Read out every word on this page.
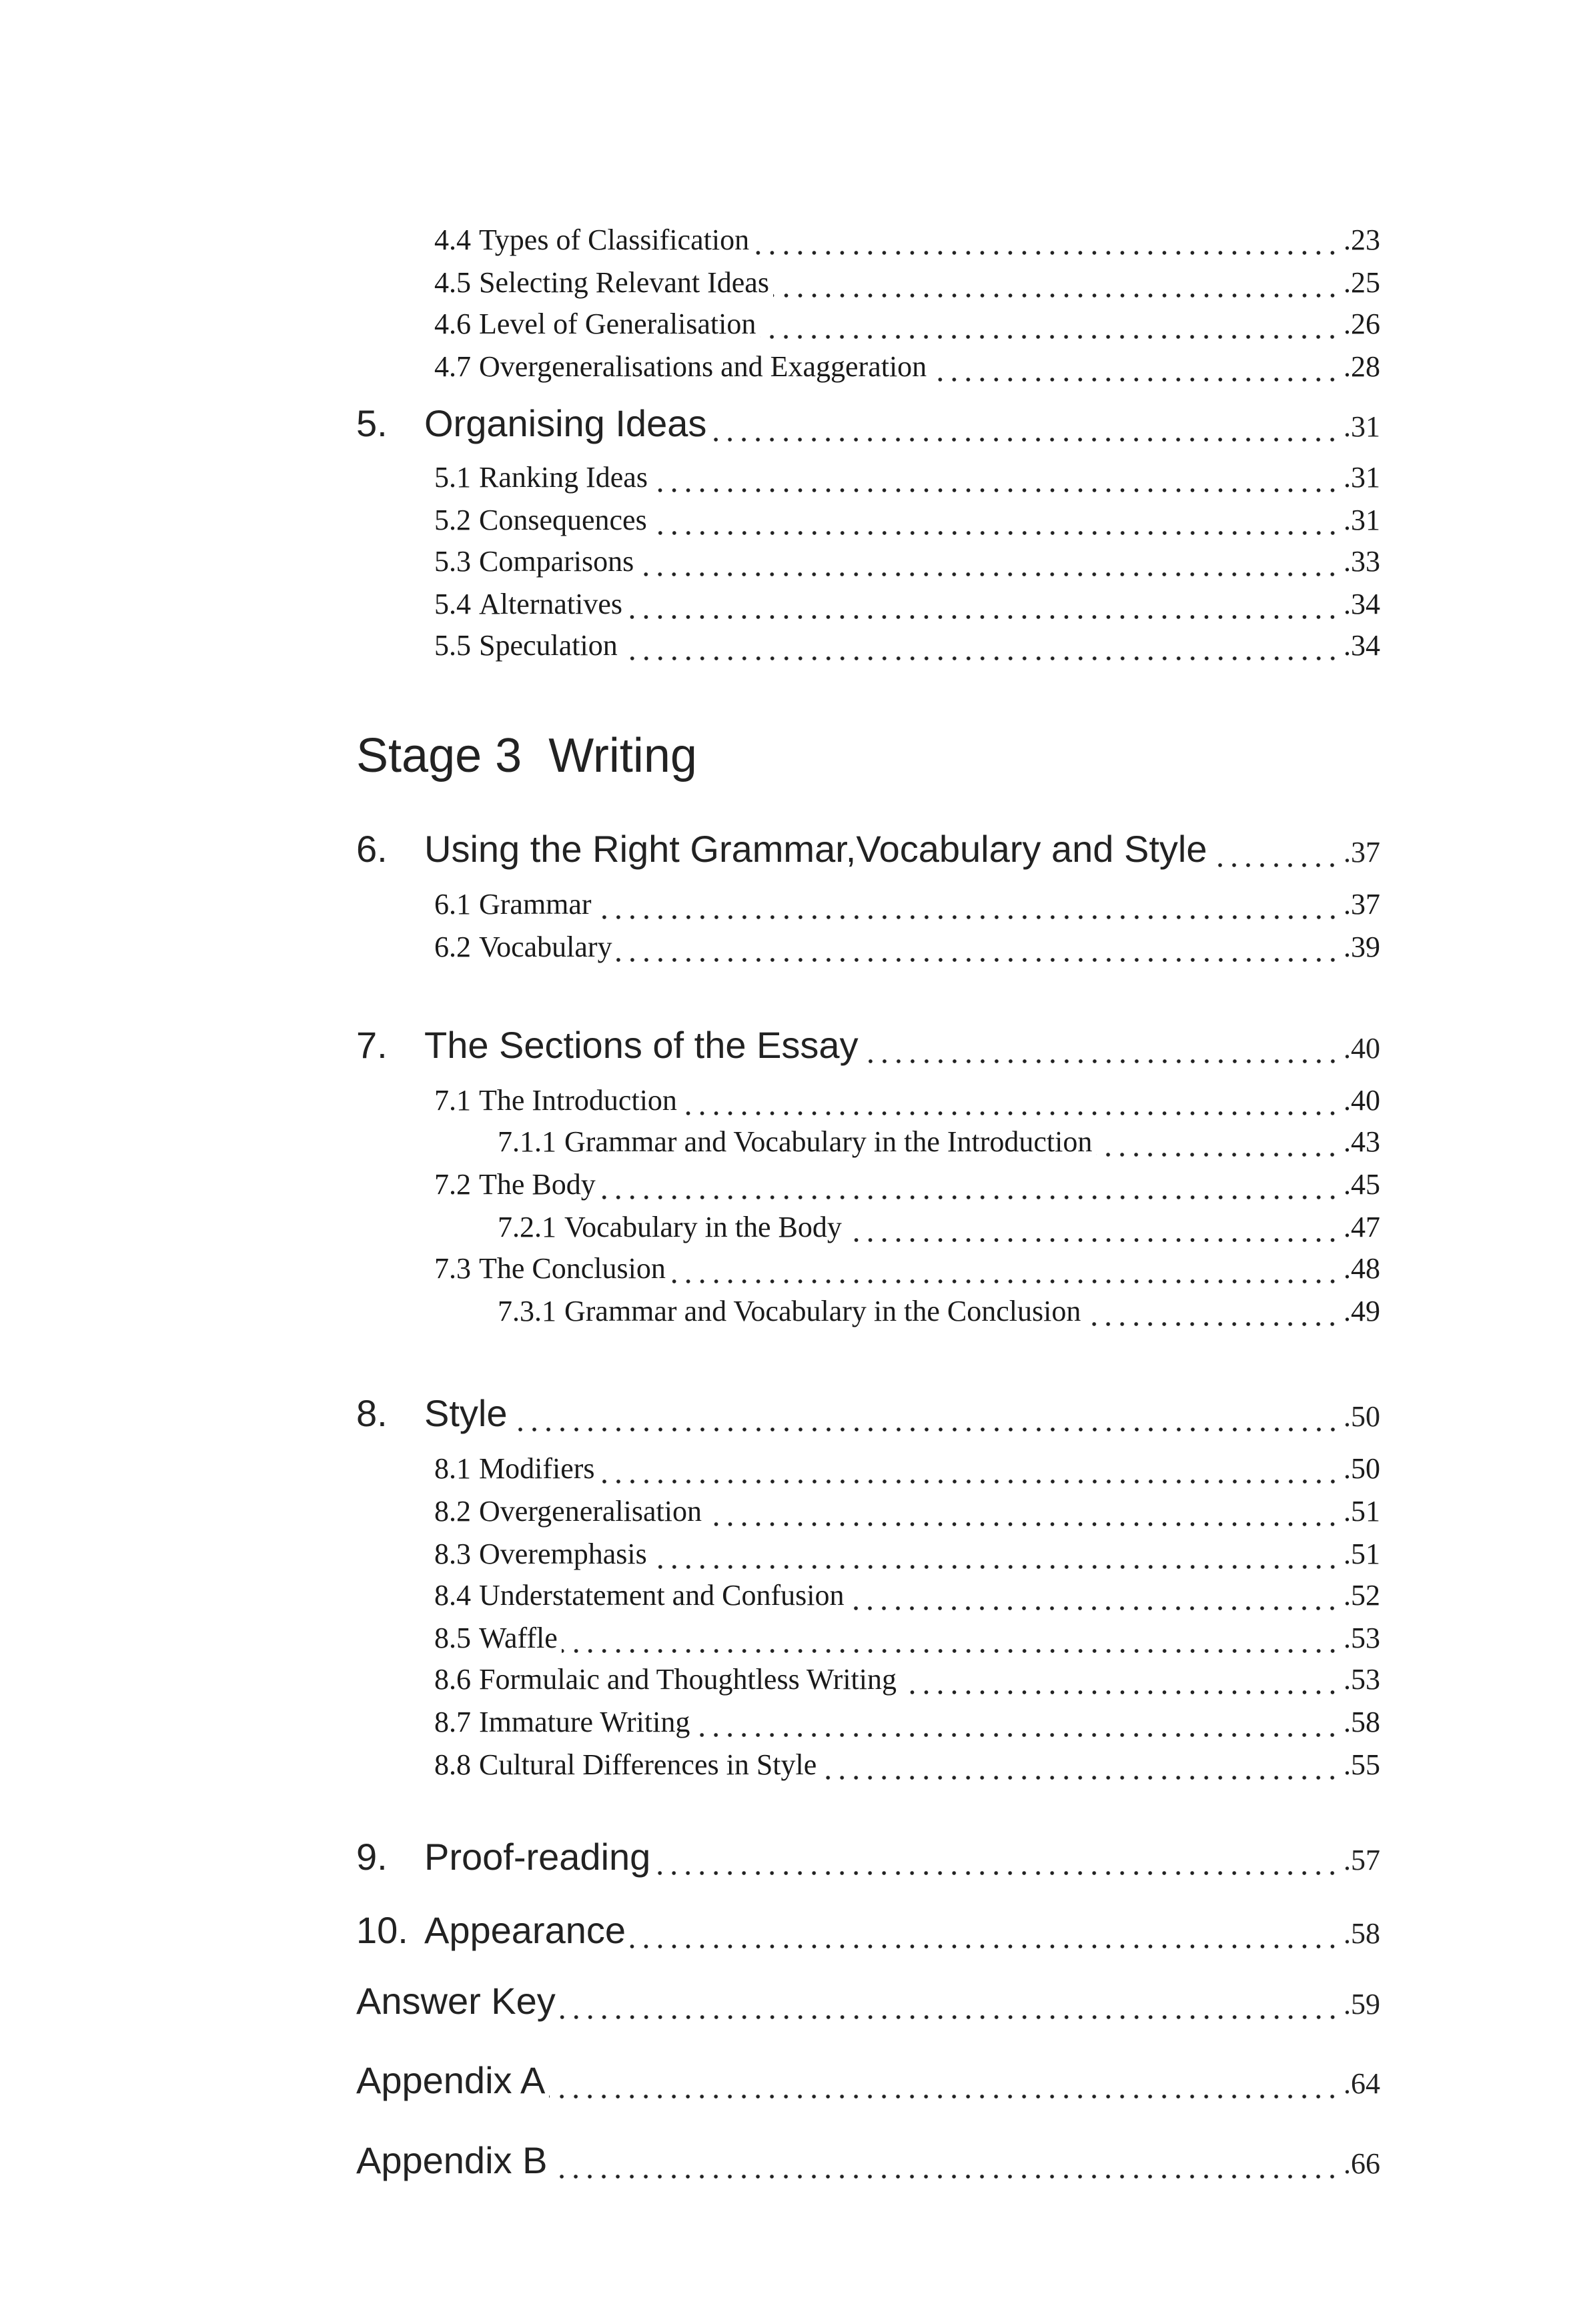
Stage 3 Writing
4.4 Types of Classification	.23
4.5 Selecting Relevant Ideas	.25
4.6 Level of Generalisation	.26
4.7 Overgeneralisations and Exaggeration	.28
5. Organising Ideas	.31
5.1 Ranking Ideas	.31
5.2 Consequences	.31
5.3 Comparisons	.33
5.4 Alternatives	.34
5.5 Speculation	.34
6. Using the Right Grammar,Vocabulary and Style	.37
6.1 Grammar	.37
6.2 Vocabulary	.39
7. The Sections of the Essay	.40
7.1 The Introduction	.40
7.1.1 Grammar and Vocabulary in the Introduction	.43
7.2 The Body	.45
7.2.1 Vocabulary in the Body	.47
7.3 The Conclusion	.48
7.3.1 Grammar and Vocabulary in the Conclusion	.49
8. Style	.50
8.1 Modifiers	.50
8.2 Overgeneralisation	.51
8.3 Overemphasis	.51
8.4 Understatement and Confusion	.52
8.5 Waffle	.53
8.6 Formulaic and Thoughtless Writing	.53
8.7 Immature Writing	.58
8.8 Cultural Differences in Style	.55
9. Proof-reading	.57
10. Appearance	.58
Answer Key	.59
Appendix A	.64
Appendix B	.66
